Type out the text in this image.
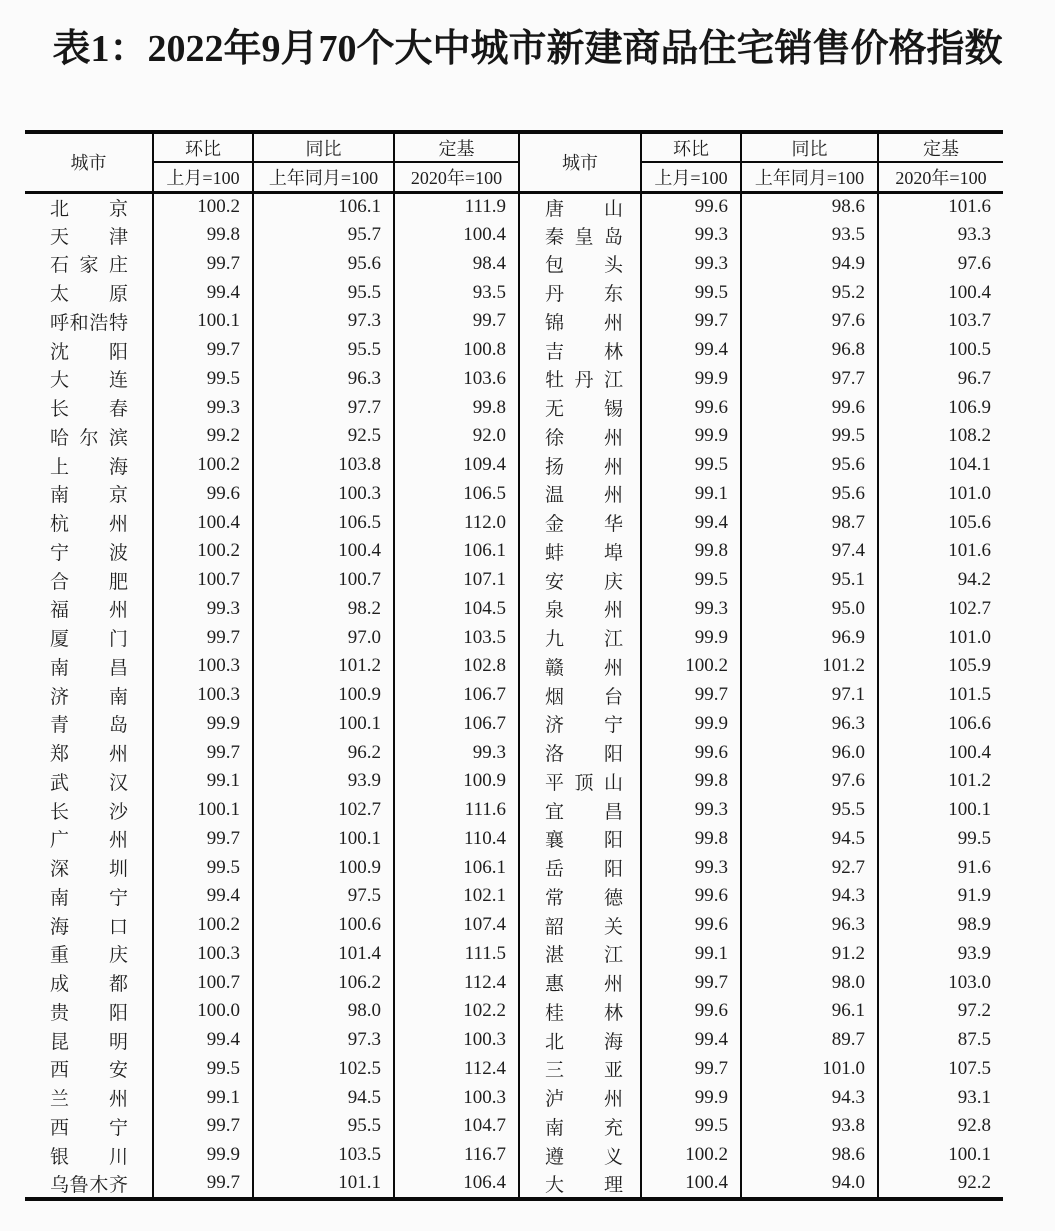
表1：2022年9月70个大中城市新建商品住宅销售价格指数
城市	环比	同比	定基	城市	环比	同比	定基
	上月=100	上年同月=100	2020年=100		上月=100	上年同月=100	2020年=100

北 京	100.2	106.1	111.9	唐 山	99.6	98.6	101.6

天 津	99.8	95.7	100.4	秦 皇 岛	99.3	93.5	93.3

石 家 庄	99.7	95.6	98.4	包 头	99.3	94.9	97.6

太 原	99.4	95.5	93.5	丹 东	99.5	95.2	100.4

呼 和 浩 特	100.1	97.3	99.7	锦 州	99.7	97.6	103.7

沈 阳	99.7	95.5	100.8	吉 林	99.4	96.8	100.5

大 连	99.5	96.3	103.6	牡 丹 江	99.9	97.7	96.7

长 春	99.3	97.7	99.8	无 锡	99.6	99.6	106.9

哈 尔 滨	99.2	92.5	92.0	徐 州	99.9	99.5	108.2

上 海	100.2	103.8	109.4	扬 州	99.5	95.6	104.1

南 京	99.6	100.3	106.5	温 州	99.1	95.6	101.0

杭 州	100.4	106.5	112.0	金 华	99.4	98.7	105.6

宁 波	100.2	100.4	106.1	蚌 埠	99.8	97.4	101.6

合 肥	100.7	100.7	107.1	安 庆	99.5	95.1	94.2

福 州	99.3	98.2	104.5	泉 州	99.3	95.0	102.7

厦 门	99.7	97.0	103.5	九 江	99.9	96.9	101.0

南 昌	100.3	101.2	102.8	赣 州	100.2	101.2	105.9

济 南	100.3	100.9	106.7	烟 台	99.7	97.1	101.5

青 岛	99.9	100.1	106.7	济 宁	99.9	96.3	106.6

郑 州	99.7	96.2	99.3	洛 阳	99.6	96.0	100.4

武 汉	99.1	93.9	100.9	平 顶 山	99.8	97.6	101.2

长 沙	100.1	102.7	111.6	宜 昌	99.3	95.5	100.1

广 州	99.7	100.1	110.4	襄 阳	99.8	94.5	99.5

深 圳	99.5	100.9	106.1	岳 阳	99.3	92.7	91.6

南 宁	99.4	97.5	102.1	常 德	99.6	94.3	91.9

海 口	100.2	100.6	107.4	韶 关	99.6	96.3	98.9

重 庆	100.3	101.4	111.5	湛 江	99.1	91.2	93.9

成 都	100.7	106.2	112.4	惠 州	99.7	98.0	103.0

贵 阳	100.0	98.0	102.2	桂 林	99.6	96.1	97.2

昆 明	99.4	97.3	100.3	北 海	99.4	89.7	87.5

西 安	99.5	102.5	112.4	三 亚	99.7	101.0	107.5

兰 州	99.1	94.5	100.3	泸 州	99.9	94.3	93.1

西 宁	99.7	95.5	104.7	南 充	99.5	93.8	92.8

银 川	99.9	103.5	116.7	遵 义	100.2	98.6	100.1

乌 鲁 木 齐	99.7	101.1	106.4	大 理	100.4	94.0	92.2
